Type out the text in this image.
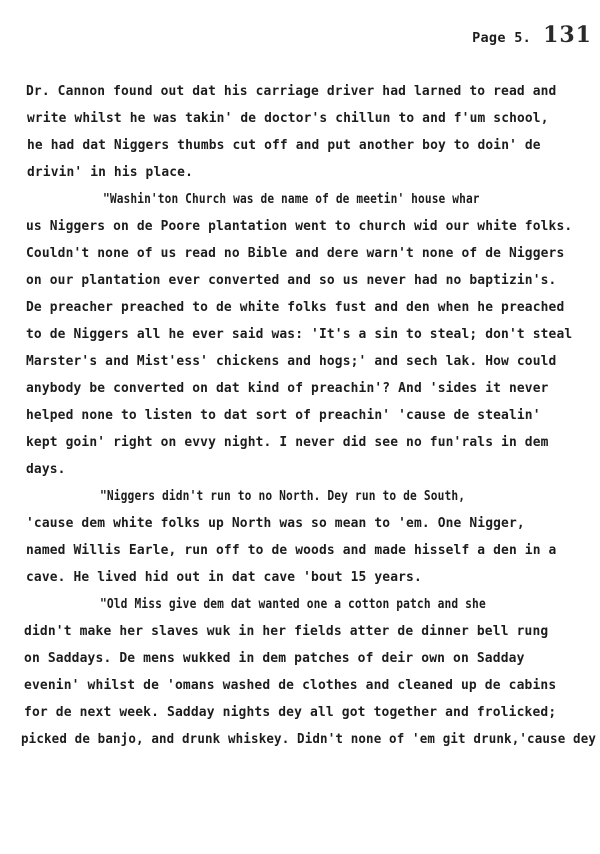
Page 5. 131
Dr. Cannon found out dat his carriage driver had larned to read and
write whilst he was takin' de doctor's chillun to and f'um school,
he had dat Niggers thumbs cut off and put another boy to doin' de
drivin' in his place.
"Washin'ton Church was de name of de meetin' house whar
us Niggers on de Poore plantation went to church wid our white folks.
Couldn't none of us read no Bible and dere warn't none of de Niggers
on our plantation ever converted and so us never had no baptizin's.
De preacher preached to de white folks fust and den when he preached
to de Niggers all he ever said was: 'It's a sin to steal; don't steal
Marster's and Mist'ess' chickens and hogs;' and sech lak. How could
anybody be converted on dat kind of preachin'? And 'sides it never
helped none to listen to dat sort of preachin' 'cause de stealin'
kept goin' right on evvy night. I never did see no fun'rals in dem
days.
"Niggers didn't run to no North. Dey run to de South,
'cause dem white folks up North was so mean to 'em. One Nigger,
named Willis Earle, run off to de woods and made hisself a den in a
cave. He lived hid out in dat cave 'bout 15 years.
"Old Miss give dem dat wanted one a cotton patch and she
didn't make her slaves wuk in her fields atter de dinner bell rung
on Saddays. De mens wukked in dem patches of deir own on Sadday
evenin' whilst de 'omans washed de clothes and cleaned up de cabins
for de next week. Sadday nights dey all got together and frolicked;
picked de banjo, and drunk whiskey. Didn't none of 'em git drunk,'cause dey
